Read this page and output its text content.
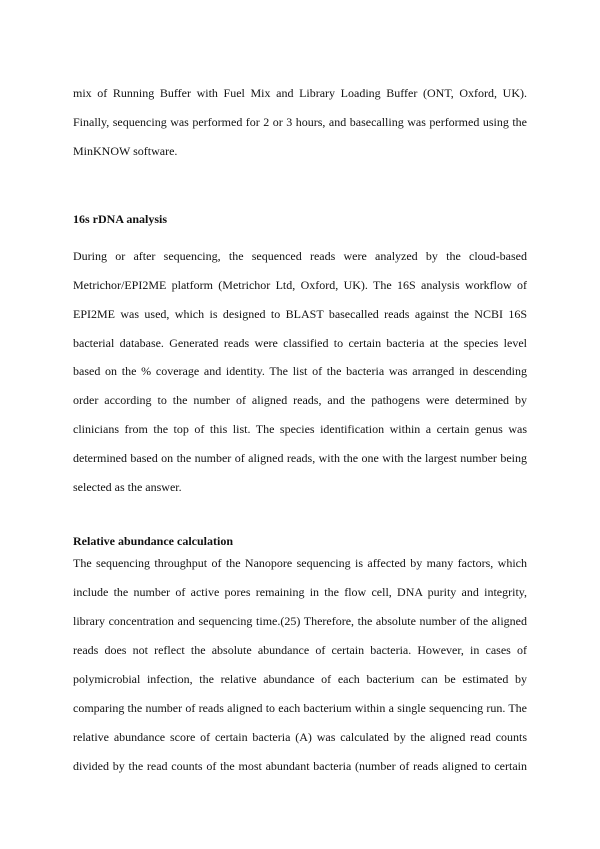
mix of Running Buffer with Fuel Mix and Library Loading Buffer (ONT, Oxford, UK).
Finally, sequencing was performed for 2 or 3 hours, and basecalling was performed using the
MinKNOW software.
16s rDNA analysis
During or after sequencing, the sequenced reads were analyzed by the cloud-based
Metrichor/EPI2ME platform (Metrichor Ltd, Oxford, UK). The 16S analysis workflow of
EPI2ME was used, which is designed to BLAST basecalled reads against the NCBI 16S
bacterial database. Generated reads were classified to certain bacteria at the species level
based on the % coverage and identity. The list of the bacteria was arranged in descending
order according to the number of aligned reads, and the pathogens were determined by
clinicians from the top of this list. The species identification within a certain genus was
determined based on the number of aligned reads, with the one with the largest number being
selected as the answer.
Relative abundance calculation
The sequencing throughput of the Nanopore sequencing is affected by many factors, which
include the number of active pores remaining in the flow cell, DNA purity and integrity,
library concentration and sequencing time.(25) Therefore, the absolute number of the aligned
reads does not reflect the absolute abundance of certain bacteria. However, in cases of
polymicrobial infection, the relative abundance of each bacterium can be estimated by
comparing the number of reads aligned to each bacterium within a single sequencing run. The
relative abundance score of certain bacteria (A) was calculated by the aligned read counts
divided by the read counts of the most abundant bacteria (number of reads aligned to certain
